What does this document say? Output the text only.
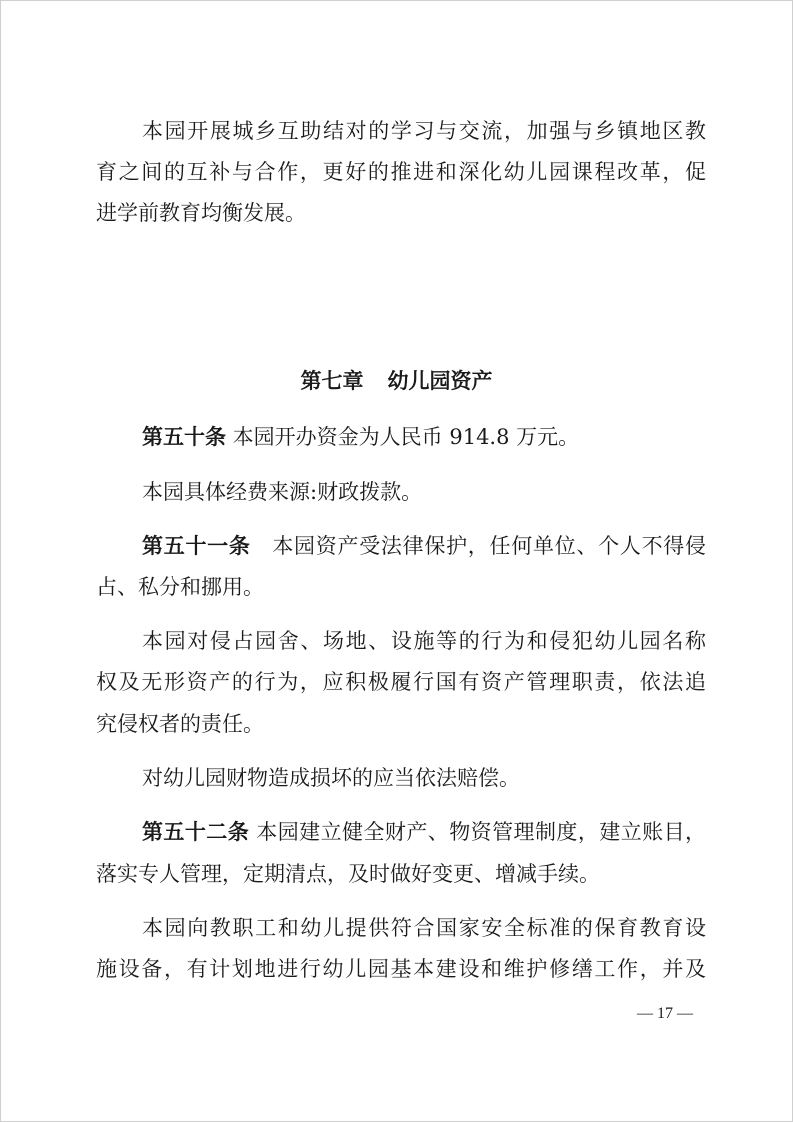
本园开展城乡互助结对的学习与交流，加强与乡镇地区教
育之间的互补与合作，更好的推进和深化幼儿园课程改革，促
进学前教育均衡发展。
第七章 幼儿园资产
第五十条 本园开办资金为人民币 914.8 万元。
本园具体经费来源:财政拨款。
第五十一条　本园资产受法律保护，任何单位、个人不得侵
占、私分和挪用。
本园对侵占园舍、场地、设施等的行为和侵犯幼儿园名称
权及无形资产的行为，应积极履行国有资产管理职责，依法追
究侵权者的责任。
对幼儿园财物造成损坏的应当依法赔偿。
第五十二条 本园建立健全财产、物资管理制度，建立账目，
落实专人管理，定期清点，及时做好变更、增减手续。
本园向教职工和幼儿提供符合国家安全标准的保育教育设
施设备，有计划地进行幼儿园基本建设和维护修缮工作，并及
— 17 —
